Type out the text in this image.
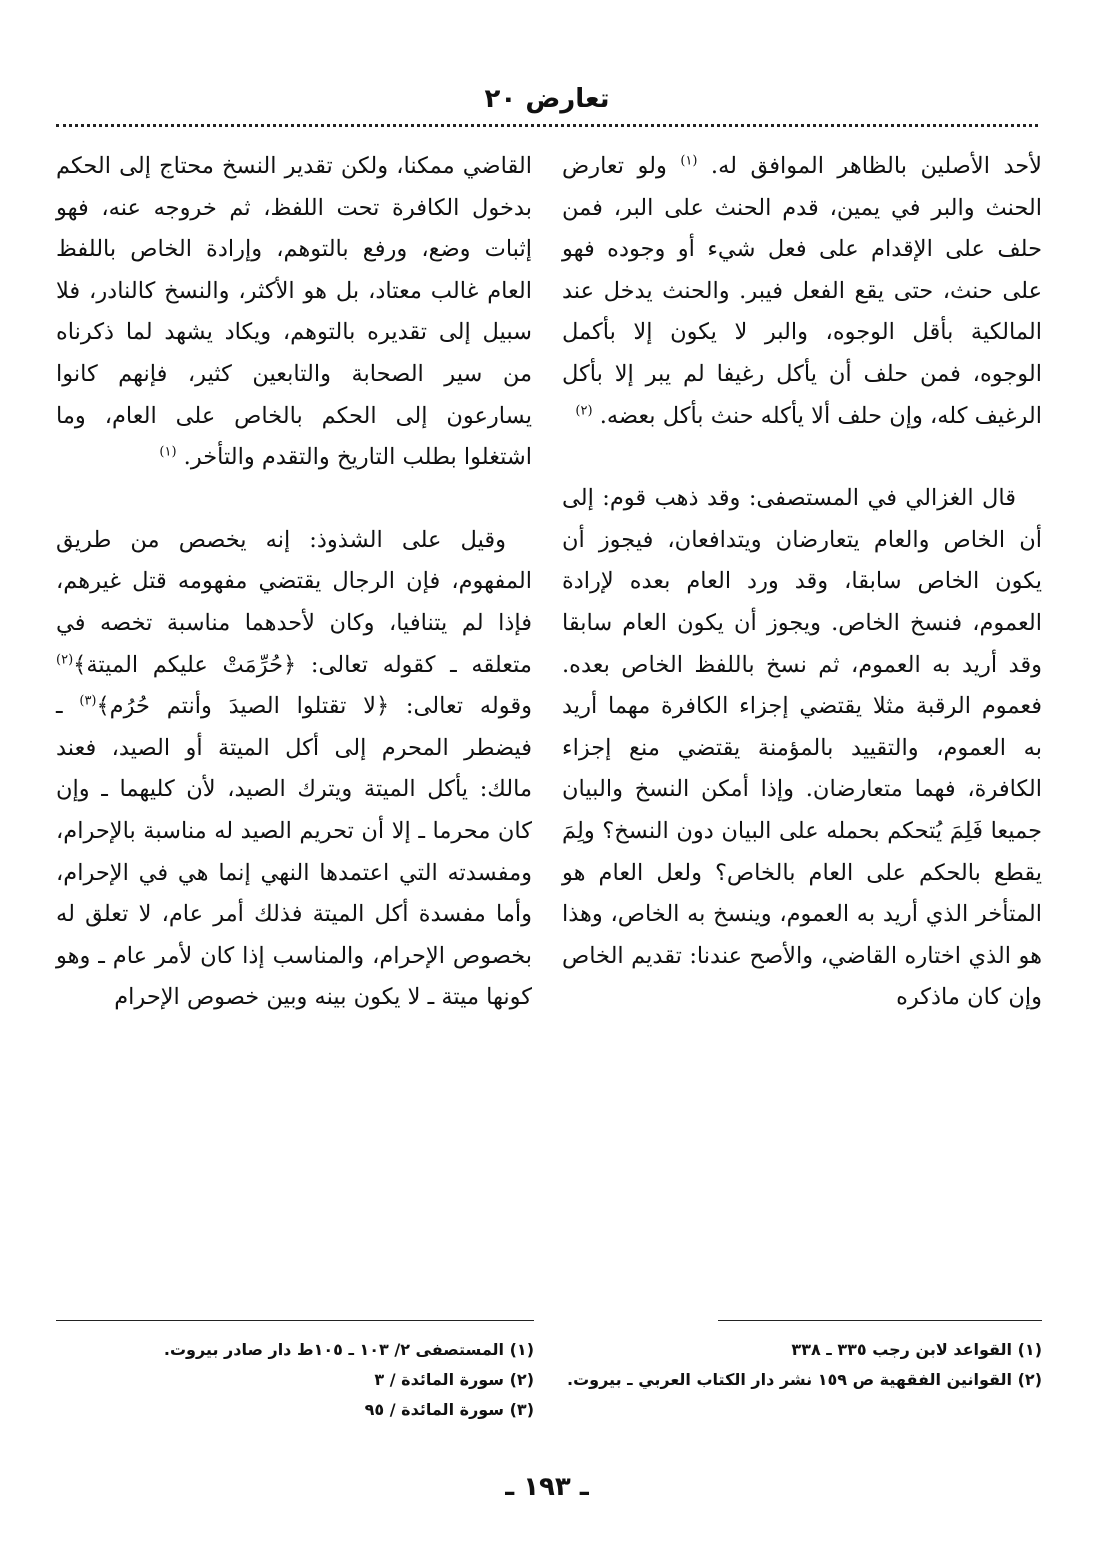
تعارض ٢٠

لأحد الأصلين بالظاهر الموافق له. $^{(١)}$ ولو تعارض الحنث والبر في يمين، قدم الحنث على البر، فمن حلف على الإقدام على فعل شيء أو وجوده فهو على حنث، حتى يقع الفعل فيبر. والحنث يدخل عند المالكية بأقل الوجوه، والبر لا يكون إلا بأكمل الوجوه، فمن حلف أن يأكل رغيفا لم يبر إلا بأكل الرغيف كله، وإن حلف ألا يأكله حنث بأكل بعضه. $^{(٢)}$

قال الغزالي في المستصفى: وقد ذهب قوم: إلى أن الخاص والعام يتعارضان ويتدافعان، فيجوز أن يكون الخاص سابقا، وقد ورد العام بعده لإرادة العموم، فنسخ الخاص. ويجوز أن يكون العام سابقا وقد أريد به العموم، ثم نسخ باللفظ الخاص بعده. فعموم الرقبة مثلا يقتضي إجزاء الكافرة مهما أريد به العموم، والتقييد بالمؤمنة يقتضي منع إجزاء الكافرة، فهما متعارضان. وإذا أمكن النسخ والبيان جميعا فَلِمَ يُتحكم بحمله على البيان دون النسخ؟ ولِمَ يقطع بالحكم على العام بالخاص؟ ولعل العام هو المتأخر الذي أريد به العموم، وينسخ به الخاص، وهذا هو الذي اختاره القاضي، والأصح عندنا: تقديم الخاص وإن كان ماذكره

القاضي ممكنا، ولكن تقدير النسخ محتاج إلى الحكم بدخول الكافرة تحت اللفظ، ثم خروجه عنه، فهو إثبات وضع، ورفع بالتوهم، وإرادة الخاص باللفظ العام غالب معتاد، بل هو الأكثر، والنسخ كالنادر، فلا سبيل إلى تقديره بالتوهم، ويكاد يشهد لما ذكرناه من سير الصحابة والتابعين كثير، فإنهم كانوا يسارعون إلى الحكم بالخاص على العام، وما اشتغلوا بطلب التاريخ والتقدم والتأخر. $^{(١)}$

وقيل على الشذوذ: إنه يخصص من طريق المفهوم، فإن الرجال يقتضي مفهومه قتل غيرهم، فإذا لم يتنافيا، وكان لأحدهما مناسبة تخصه في متعلقه ـ كقوله تعالى: ﴿حُرِّمَتْ عليكم الميتة﴾$^{(٢)}$ وقوله تعالى: ﴿لا تقتلوا الصيدَ وأنتم حُرُم﴾$^{(٣)}$ ـ فيضطر المحرم إلى أكل الميتة أو الصيد، فعند مالك: يأكل الميتة ويترك الصيد، لأن كليهما ـ وإن كان محرما ـ إلا أن تحريم الصيد له مناسبة بالإحرام، ومفسدته التي اعتمدها النهي إنما هي في الإحرام، وأما مفسدة أكل الميتة فذلك أمر عام، لا تعلق له بخصوص الإحرام، والمناسب إذا كان لأمر عام ـ وهو كونها ميتة ـ لا يكون بينه وبين خصوص الإحرام

(١) القواعد لابن رجب ٣٣٥ ـ ٣٣٨
(٢) القوانين الفقهية ص ١٥٩ نشر دار الكتاب العربي ـ بيروت.
(١) المستصفى ٢/ ١٠٣ ـ ١٠٥ط دار صادر بيروت.
(٢) سورة المائدة / ٣
(٣) سورة المائدة / ٩٥
ـ ١٩٣ ـ
